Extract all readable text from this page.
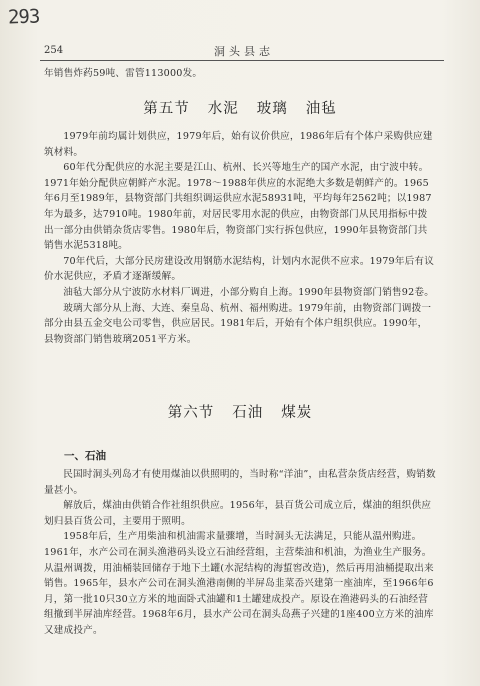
293
254	洞头县志

年销售炸药59吨、雷管113000发。

第五节 水泥 玻璃 油毡

1979年前均属计划供应，1979年后，始有议价供应，1986年后有个体户采购供应建筑材料。

60年代分配供应的水泥主要是江山、杭州、长兴等地生产的国产水泥，由宁波中转。1971年始分配供应朝鲜产水泥。1978～1988年供应的水泥绝大多数是朝鲜产的。1965年6月至1989年，县物资部门共组织调运供应水泥58931吨，平均每年2562吨；以1987年为最多，达7910吨。1980年前，对居民零用水泥的供应，由物资部门从民用指标中拨出一部分由供销杂货店零售。1980年后，物资部门实行拆包供应，1990年县物资部门共销售水泥5318吨。

70年代后，大部分民房建设改用钢筋水泥结构，计划内水泥供不应求。1979年后有议价水泥供应，矛盾才逐渐缓解。

油毡大部分从宁波防水材料厂调进，小部分购自上海。1990年县物资部门销售92卷。

玻璃大部分从上海、大连、秦皇岛、杭州、福州购进。1979年前，由物资部门调拨一部分由县五金交电公司零售，供应居民。1981年后，开始有个体户组织供应。1990年，县物资部门销售玻璃2051平方米。

第六节 石油 煤炭
一、石油

民国时洞头列岛才有使用煤油以供照明的，当时称“洋油”，由私营杂货店经营，购销数量甚小。

解放后，煤油由供销合作社组织供应。1956年，县百货公司成立后，煤油的组织供应划归县百货公司，主要用于照明。

1958年后，生产用柴油和机油需求量骤增，当时洞头无法满足，只能从温州购进。1961年，水产公司在洞头渔港码头设立石油经营组，主营柴油和机油，为渔业生产服务。从温州调拨，用油桶装回储存于地下土罐(水泥结构的海蜇窖改造)，然后再用油桶提取出来销售。1965年，县水产公司在洞头渔港南侧的半屏岛韭菜岙兴建第一座油库，至1966年6月，第一批10只30立方米的地面卧式油罐和1土罐建成投产。原设在渔港码头的石油经营组撤到半屏油库经营。1968年6月，县水产公司在洞头岛燕子兴建的1座400立方米的油库又建成投产。
